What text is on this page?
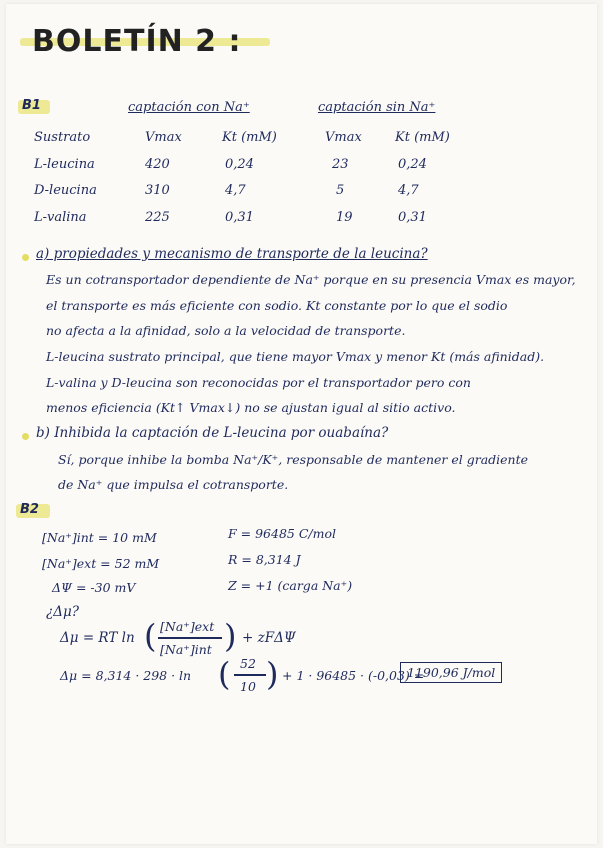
BOLETÍN 2 :
B1	captación con Na⁺	captación sin Na⁺
Sustrato	Vmax	Kt (mM)	Vmax	Kt (mM)
L-leucina	420	0,24	23	0,24
D-leucina	310	4,7	5	4,7
L-valina	225	0,31	19	0,31
a) propiedades y mecanismo de transporte de la leucina?
Es un cotransportador dependiente de Na⁺ porque en su presencia Vmax es mayor,
el transporte es más eficiente con sodio. Kt constante por lo que el sodio
no afecta a la afinidad, solo a la velocidad de transporte.
L-leucina sustrato principal, que tiene mayor Vmax y menor Kt (más afinidad).
L-valina y D-leucina son reconocidas por el transportador pero con
menos eficiencia (Kt↑ Vmax↓) no se ajustan igual al sitio activo.
b) Inhibida la captación de L-leucina por ouabaína?
Sí, porque inhibe la bomba Na⁺/K⁺, responsable de mantener el gradiente
de Na⁺ que impulsa el cotransporte.
B2
[Na⁺]int = 10 mM
[Na⁺]ext = 52 mM
ΔΨ = -30 mV
F = 96485 C/mol
R = 8,314 J
Z = +1 (carga Na⁺)
¿Δμ?
Δμ = RT ln ( [Na⁺]ext
[Na⁺]int ) + zFΔΨ
Δμ = 8,314 · 298 · ln ( 52
10 ) + 1 · 96485 · (-0,03) =
1190,96 J/mol
